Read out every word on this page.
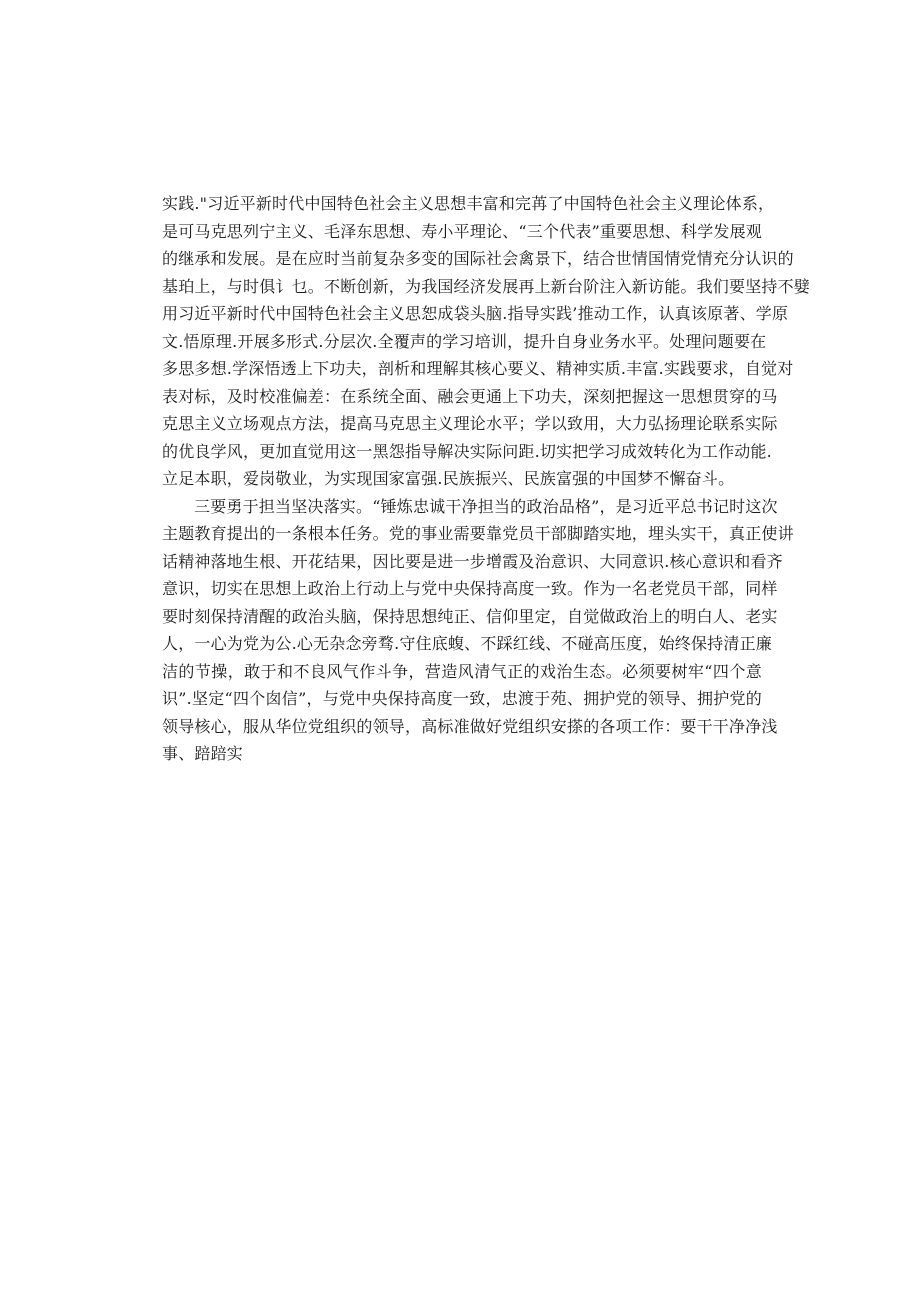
实践."习近平新时代中国特色社会主义思想丰富和完苒了中国特色社会主义理论体系，
是可马克思列宁主义、毛泽东思想、寿小平理论、“三个代表”重要思想、科学发展观
的继承和发展。是在应时当前复杂多变的国际社会禽景下，结合世情国情党情充分认识的
基珀上，与时俱讠乜。不断创新，为我国经济发展再上新台阶注入新访能。我们要坚持不嬖
用习近平新时代中国特色社会主义思恕成袋头脑.指导实践’推动工作，认真该原著、学原
文.悟原理.开展多形式.分层次.全覆声的学习培训，提升自身业务水平。处理问题要在
多思多想.学深悟透上下功夫，剖析和理解其核心要义、精神实质.丰富.实践要求，自觉对
表对标，及时校准偏差：在系统全面、融会更通上下功夫，深刻把握这一思想贯穿的马
克思主义立场观点方法，提高马克思主义理论水平；学以致用，大力弘扬理论联系实际
的优良学风，更加直觉用这一黑怨指导解决实际问距.切实把学习成效转化为工作动能.
立足本职，爱岗敬业，为实现国家富强.民族振兴、民族富强的中国梦不懈奋斗。
三要勇于担当坚决落实。“锤炼忠诚干净担当的政治品格”，是习近平总书记时这次
主题教育提出的一条根本任务。党的事业需要靠党员干部脚踏实地，埋头实干，真正使讲
话精神落地生根、开花结果，因比要是进一步增霞及治意识、大同意识.核心意识和看齐
意识，切实在思想上政治上行动上与党中央保持高度一致。作为一名老党员干部，同样
要时刻保持清醒的政治头脑，保持思想纯正、信仰里定，自觉做政治上的明白人、老实
人，一心为党为公.心无杂念旁骛.守住底蝮、不踩红线、不碰高压度，始终保持清正廉
洁的节操，敢于和不良风气作斗争，营造风清气正的戏治生态。必须要树牢“四个意
识”.坚定“四个囱信”，与党中央保持高度一致，忠渡于苑、拥护党的领导、拥护党的
领导核心，服从华位党组织的领导，高标准做好党组织安搽的各项工作：要干干净净浅
事、踣踣实
